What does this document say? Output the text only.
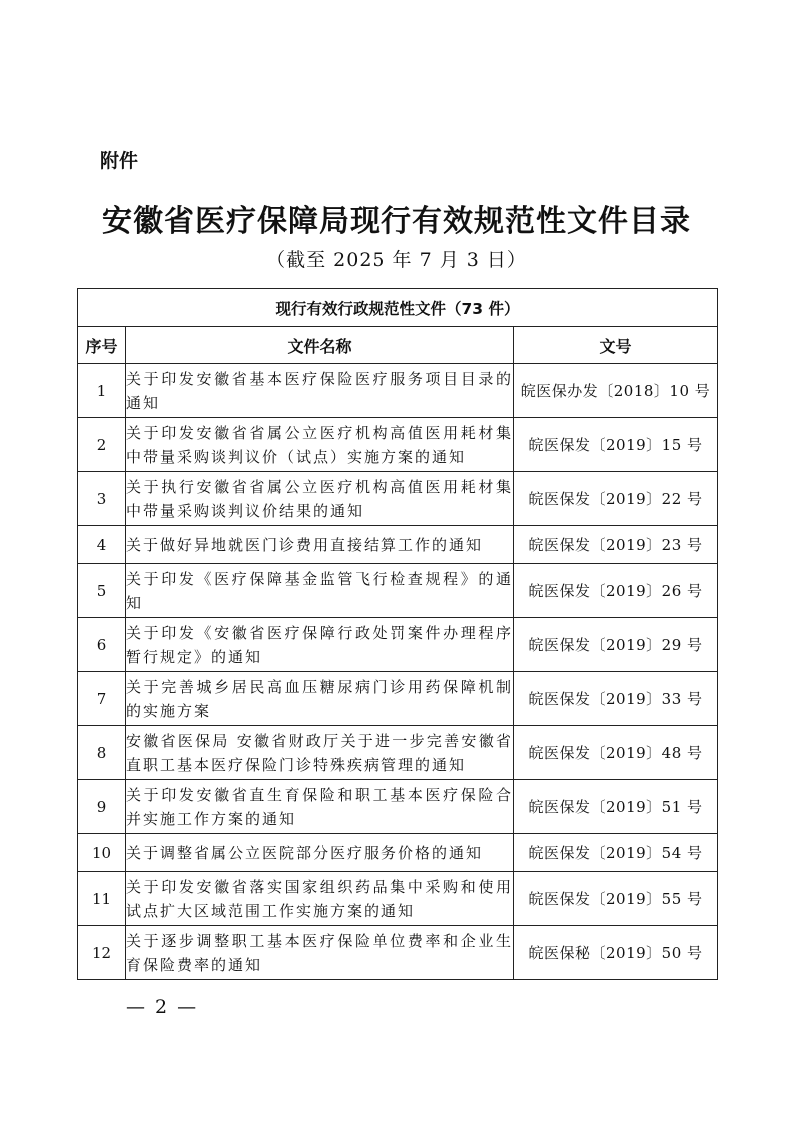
附件
安徽省医疗保障局现行有效规范性文件目录
（截至 2025 年 7 月 3 日）
现行有效行政规范性文件（73 件）		
序号	文件名称	文号
1	关于印发安徽省基本医疗保险医疗服务项目目录的通知	皖医保办发〔2018〕10 号
2	关于印发安徽省省属公立医疗机构高值医用耗材集中带量采购谈判议价（试点）实施方案的通知	皖医保发〔2019〕15 号
3	关于执行安徽省省属公立医疗机构高值医用耗材集中带量采购谈判议价结果的通知	皖医保发〔2019〕22 号
4	关于做好异地就医门诊费用直接结算工作的通知	皖医保发〔2019〕23 号
5	关于印发《医疗保障基金监管飞行检查规程》的通知	皖医保发〔2019〕26 号
6	关于印发《安徽省医疗保障行政处罚案件办理程序暂行规定》的通知	皖医保发〔2019〕29 号
7	关于完善城乡居民高血压糖尿病门诊用药保障机制的实施方案	皖医保发〔2019〕33 号
8	安徽省医保局 安徽省财政厅关于进一步完善安徽省直职工基本医疗保险门诊特殊疾病管理的通知	皖医保发〔2019〕48 号
9	关于印发安徽省直生育保险和职工基本医疗保险合并实施工作方案的通知	皖医保发〔2019〕51 号
10	关于调整省属公立医院部分医疗服务价格的通知	皖医保发〔2019〕54 号
11	关于印发安徽省落实国家组织药品集中采购和使用试点扩大区域范围工作实施方案的通知	皖医保发〔2019〕55 号
12	关于逐步调整职工基本医疗保险单位费率和企业生育保险费率的通知	皖医保秘〔2019〕50 号
— 2 —
